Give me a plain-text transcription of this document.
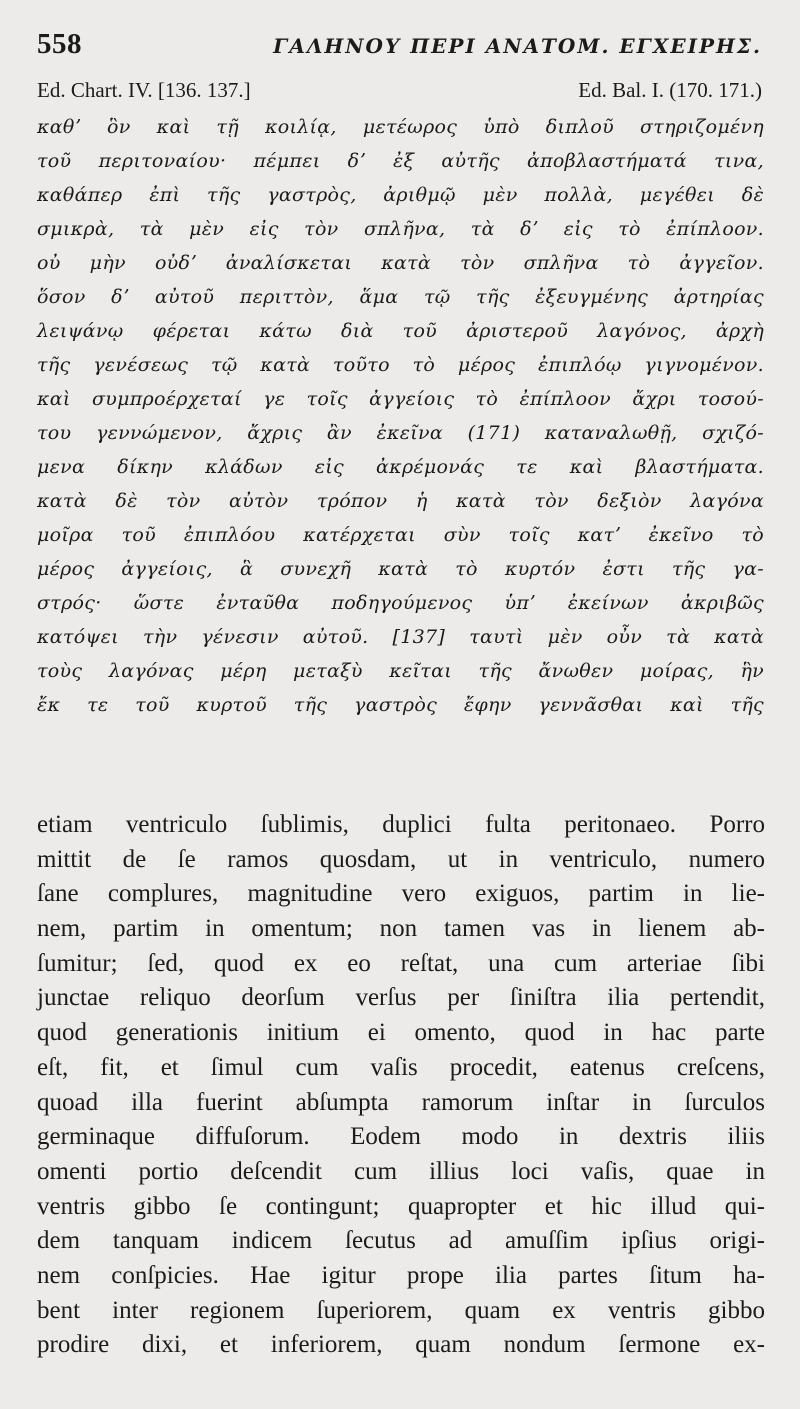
558	ΓΑΛΗΝΟΥ ΠΕΡΙ ΑΝΑΤΟΜ. ΕΓΧΕΙΡΗΣ.
Ed. Chart. IV. [136. 137.]	Ed. Bal. I. (170. 171.)
καθʼ ὃν καὶ τῇ κοιλίᾳ, μετέωρος ὑπὸ διπλοῦ στηριζομένη
τοῦ περιτοναίου· πέμπει δʼ ἐξ αὐτῆς ἀποβλαστήματά τινα,
καθάπερ ἐπὶ τῆς γαστρὸς, ἀριθμῷ μὲν πολλὰ, μεγέθει δὲ
σμικρὰ, τὰ μὲν εἰς τὸν σπλῆνα, τὰ δʼ εἰς τὸ ἐπίπλοον.
οὐ μὴν οὐδʼ ἀναλίσκεται κατὰ τὸν σπλῆνα τὸ ἀγγεῖον.
ὅσον δʼ αὐτοῦ περιττὸν, ἅμα τῷ τῆς ἐξευγμένης ἀρτηρίας
λειψάνῳ φέρεται κάτω διὰ τοῦ ἀριστεροῦ λαγόνος, ἀρχὴ
τῆς γενέσεως τῷ κατὰ τοῦτο τὸ μέρος ἐπιπλόῳ γιγνομένον.
καὶ συμπροέρχεταί γε τοῖς ἀγγείοις τὸ ἐπίπλοον ἄχρι τοσού-
του γεννώμενον, ἄχρις ἂν ἐκεῖνα (171) καταναλωθῇ, σχιζό-
μενα δίκην κλάδων εἰς ἀκρέμονάς τε καὶ βλαστήματα.
κατὰ δὲ τὸν αὐτὸν τρόπον ἡ κατὰ τὸν δεξιὸν λαγόνα
μοῖρα τοῦ ἐπιπλόου κατέρχεται σὺν τοῖς κατʼ ἐκεῖνο τὸ
μέρος ἀγγείοις, ἃ συνεχῆ κατὰ τὸ κυρτόν ἐστι τῆς γα-
στρός· ὥστε ἐνταῦθα ποδηγούμενος ὑπʼ ἐκείνων ἀκριβῶς
κατόψει τὴν γένεσιν αὐτοῦ. [137] ταυτὶ μὲν οὖν τὰ κατὰ
τοὺς λαγόνας μέρη μεταξὺ κεῖται τῆς ἄνωθεν μοίρας, ἣν
ἔκ τε τοῦ κυρτοῦ τῆς γαστρὸς ἔφην γεννᾶσθαι καὶ τῆς
etiam ventriculo ſublimis, duplici fulta peritonaeo. Porro
mittit de ſe ramos quosdam, ut in ventriculo, numero
ſane complures, magnitudine vero exiguos, partim in lie-
nem, partim in omentum; non tamen vas in lienem ab-
ſumitur; ſed, quod ex eo reſtat, una cum arteriae ſibi
junctae reliquo deorſum verſus per ſiniſtra ilia pertendit,
quod generationis initium ei omento, quod in hac parte
eſt, fit, et ſimul cum vaſis procedit, eatenus creſcens,
quoad illa fuerint abſumpta ramorum inſtar in ſurculos
germinaque diffuſorum. Eodem modo in dextris iliis
omenti portio deſcendit cum illius loci vaſis, quae in
ventris gibbo ſe contingunt; quapropter et hic illud qui-
dem tanquam indicem ſecutus ad amuſſim ipſius origi-
nem conſpicies. Hae igitur prope ilia partes ſitum ha-
bent inter regionem ſuperiorem, quam ex ventris gibbo
prodire dixi, et inferiorem, quam nondum ſermone ex-
